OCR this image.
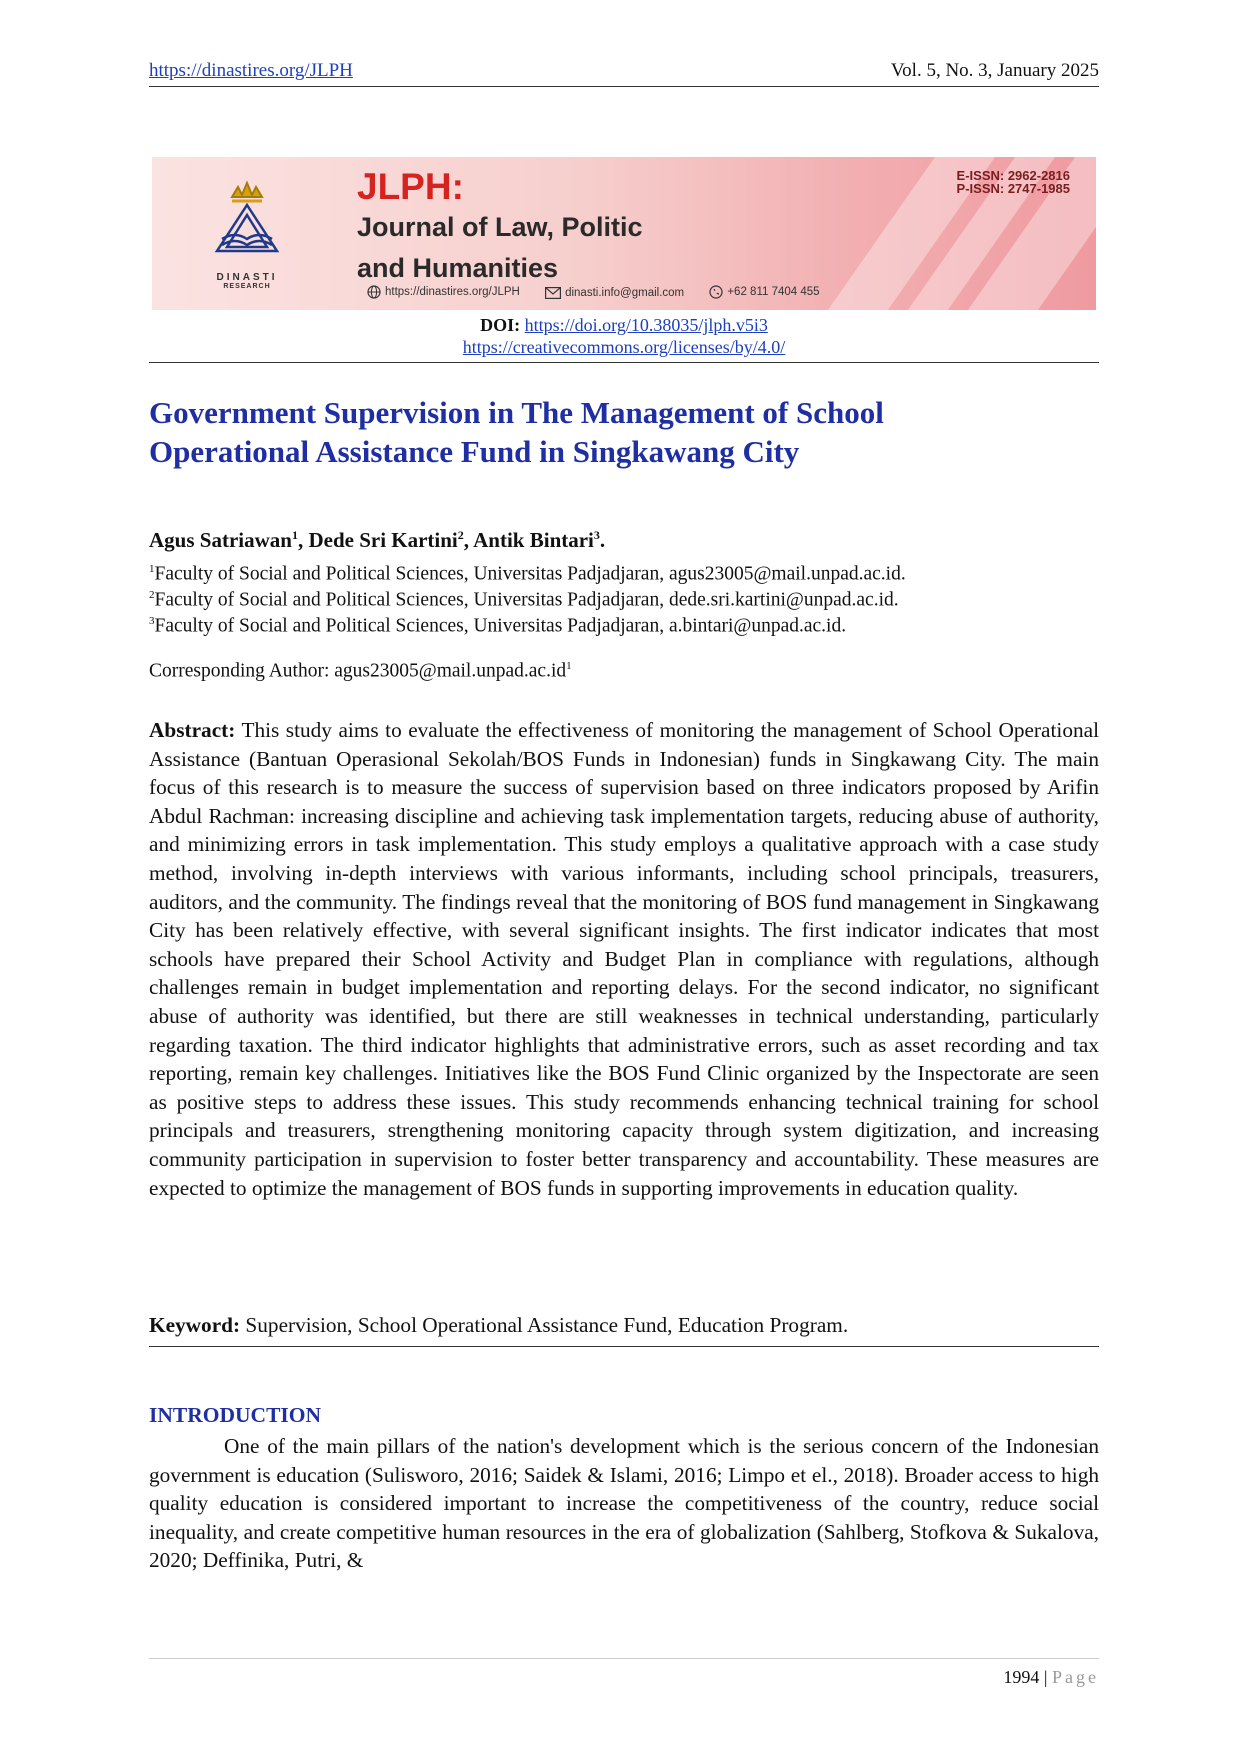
https://dinastires.org/JLPH	Vol. 5, No. 3, January 2025
DINASTI
RESEARCH
JLPH:
Journal of Law, Politic
and Humanities
E-ISSN: 2962-2816
P-ISSN: 2747-1985
https://dinastires.org/JLPH
	dinasti.info@gmail.com
	+62 811 7404 455
DOI: https://doi.org/10.38035/jlph.v5i3
https://creativecommons.org/licenses/by/4.0/
Government Supervision in The Management of School
Operational Assistance Fund in Singkawang City
Agus Satriawan$^1$, Dede Sri Kartini$^2$, Antik Bintari$^3$.
$^1$Faculty of Social and Political Sciences, Universitas Padjadjaran, agus23005@mail.unpad.ac.id.
$^2$Faculty of Social and Political Sciences, Universitas Padjadjaran, dede.sri.kartini@unpad.ac.id.
$^3$Faculty of Social and Political Sciences, Universitas Padjadjaran, a.bintari@unpad.ac.id.
Corresponding Author: $agus23005@mail.unpad.ac.id^1$
Abstract: This study aims to evaluate the effectiveness of monitoring the management of School Operational Assistance (Bantuan Operasional Sekolah/BOS Funds in Indonesian) funds in Singkawang City. The main focus of this research is to measure the success of supervision based on three indicators proposed by Arifin Abdul Rachman: increasing discipline and achieving task implementation targets, reducing abuse of authority, and minimizing errors in task implementation. This study employs a qualitative approach with a case study method, involving in-depth interviews with various informants, including school principals, treasurers, auditors, and the community. The findings reveal that the monitoring of BOS fund management in Singkawang City has been relatively effective, with several significant insights. The first indicator indicates that most schools have prepared their School Activity and Budget Plan in compliance with regulations, although challenges remain in budget implementation and reporting delays. For the second indicator, no significant abuse of authority was identified, but there are still weaknesses in technical understanding, particularly regarding taxation. The third indicator highlights that administrative errors, such as asset recording and tax reporting, remain key challenges. Initiatives like the BOS Fund Clinic organized by the Inspectorate are seen as positive steps to address these issues. This study recommends enhancing technical training for school principals and treasurers, strengthening monitoring capacity through system digitization, and increasing community participation in supervision to foster better transparency and accountability. These measures are expected to optimize the management of BOS funds in supporting improvements in education quality.
Keyword: Supervision, School Operational Assistance Fund, Education Program.
INTRODUCTION
One of the main pillars of the nation's development which is the serious concern of the Indonesian government is education (Sulisworo, 2016; Saidek & Islami, 2016; Limpo et el., 2018). Broader access to high quality education is considered important to increase the competitiveness of the country, reduce social inequality, and create competitive human resources in the era of globalization (Sahlberg, Stofkova & Sukalova, 2020; Deffinika, Putri, &
1994 | Page
